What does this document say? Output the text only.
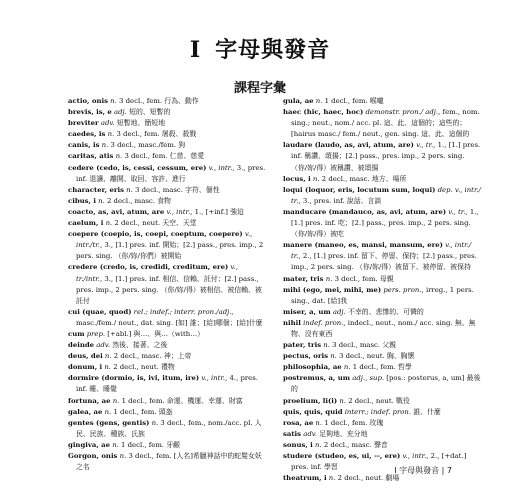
I 字母與發音
課程字彙

actio, onis n. 3 decl., fem. 行為、動作

brevis, is, e adj. 短的、短暫的

breviter adv. 短暫地、簡短地

caedes, is n. 3 decl., fem. 屠殺、殺戮

canis, is n. 3 decl., masc./fem. 狗

caritas, atis n. 3 decl., fem. 仁慈、慈愛

cedere (cedo, is, cessi, cessum, ere) v., intr., 3., pres. inf. 退讓、離開、取回、容許、進行

character, eris n. 3 decl., masc. 字符、個性

cibus, i n. 2 decl., masc. 食物

coacto, as, avi, atum, are v., intr., 1., [+inf.] 強迫

caelum, i n. 2 decl., neut. 天空、天堂

coepere (coepio, is, coepi, coeptum, coepere) v., intr./tr., 3., [1.] pres. inf. 開始；[2.] pass., pres. imp., 2 pers. sing. （你/妳/你們）被開始

credere (credo, is, credidi, creditum, ere) v., tr./intr., 3., [1.] pres. inf. 相信、信賴、託付；[2.] pass., pres. imp., 2 pers. sing. （你/妳/得）被相信、被信賴、被託付

cui (quae, quod) rel.; indef.; interr. pron./adj., masc./fem./ neut., dat. sing. [如] 誰；[給]哪個；[給]什麼

cum prep. [+abl.] 與…、與…（with…）

deinde adv. 然後、接著、之後

deus, dei n. 2 decl., masc. 神；上帝

donum, i n. 2 decl., neut. 禮物

dormire (dormio, is, ivi, itum, ire) v., intr., 4., pres. inf. 睡、睡覺

fortuna, ae n. 1 decl., fem. 命運、機運、幸運、財富

galea, ae n. 1 decl., fem. 頭盔

gentes (gens, gentis) n. 3 decl., fem., nom./acc. pl. 人民、民族、種族、氏族

gingiva, ae n. 1 decl., fem. 牙齦

Gorgon, onis n. 3 decl., fem. [人名]希臘神話中的蛇髮女妖之名

gula, ae n. 1 decl., fem. 喉嚨

haec (hic, haec, hoc) demonstr. pron./ adj., fem., nom. sing.; neut., nom./ acc. pl. 這、此、這個的；這些的；[hairus masc./ fem./ neut., gen. sing. 這、此、這個的

laudare (laudo, as, avi, atum, are) v., tr., 1., [1.] pres. inf. 稱讚、頌揚；[2.] pass., pres. imp., 2 pers. sing. （你/妳/得）被稱讚、被頌揚

locus, i n. 2 decl., masc. 地方、場所

loqui (loquor, eris, locutum sum, loqui) dep. v., intr./ tr., 3., pres. inf. 說話、言談

manducare (mandauco, as, avi, atum, are) v., tr., 1., [1.] pres. inf. 吃；[2.] pass., pres. imp., 2 pers. sing. （你/妳/得）被吃

manere (maneo, es, mansi, mansum, ere) v., intr./ tr., 2., [1.] pres. inf. 留下、停留、保持；[2.] pass., pres. imp., 2 pers. sing. （你/妳/得）被留下、被停留、被保持

mater, tris n. 3 decl., fem. 母親

mihi (ego, mei, mihi, me) pers. pron., irreg., 1 pers. sing., dat. [給]我

miser, a, um adj. 不幸的、悲慘的、可憐的

nihil indef. pron., indecl., neut., nom./ acc. sing. 無、無物、沒有東西

pater, tris n. 3 decl., masc. 父親

pectus, oris n. 3 decl., neut. 胸、胸懷

philosophia, ae n. 1 decl., fem. 哲學

postremus, a, um adj., sup. [pos.: posterus, a, um] 最後的

proelium, li(i) n. 2 decl., neut. 戰役

quis, quis, quid interr.; indef. pron. 誰、什麼

rosa, ae n. 1 decl., fem. 玫瑰

satis adv. 足夠地、充分地

sonus, i n. 2 decl., masc. 聲音

studere (studeo, es, ui, --, ere) v., intr., 2., [+dat.] pres. inf. 學習

theatrum, i n. 2 decl., neut. 劇場

I 字母與發音 | 7
